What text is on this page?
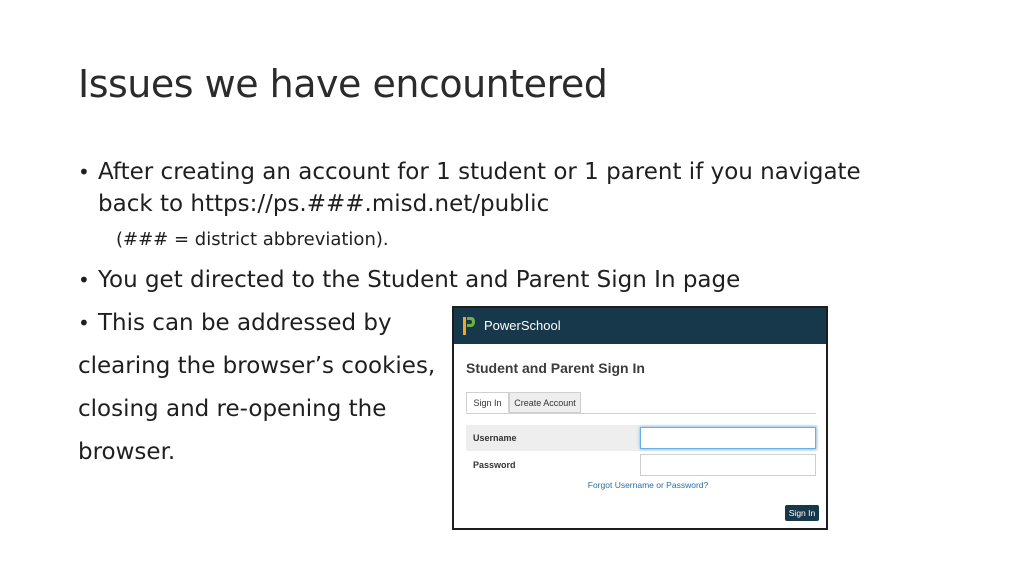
Issues we have encountered
• After creating an account for 1 student or 1 parent if you navigate
back to https://ps.###.misd.net/public
(### = district abbreviation).
• You get directed to the Student and Parent Sign In page
• This can be addressed by
clearing the browser’s cookies,
closing and re-opening the
browser.
PowerSchool
Student and Parent Sign In
Sign In	Create Account
Username
Password
Forgot Username or Password?
Sign In
